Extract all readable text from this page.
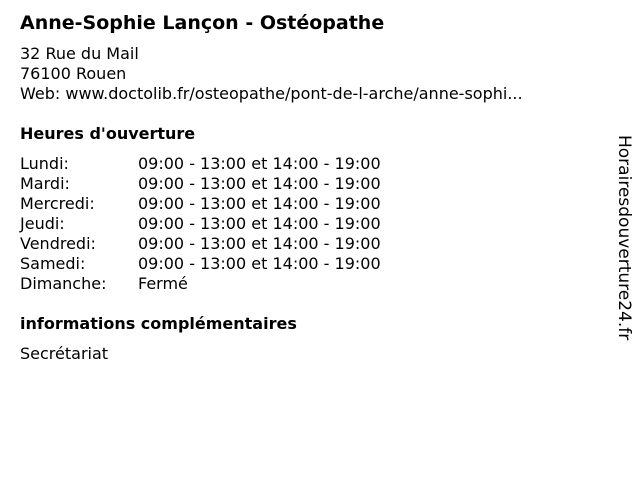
Anne-Sophie Lançon - Ostéopathe
32 Rue du Mail
76100 Rouen
Web: www.doctolib.fr/osteopathe/pont-de-l-arche/anne-sophi...
Heures d'ouverture
Lundi:	09:00 - 13:00 et 14:00 - 19:00
Mardi:	09:00 - 13:00 et 14:00 - 19:00
Mercredi:	09:00 - 13:00 et 14:00 - 19:00
Jeudi:	09:00 - 13:00 et 14:00 - 19:00
Vendredi:	09:00 - 13:00 et 14:00 - 19:00
Samedi:	09:00 - 13:00 et 14:00 - 19:00
Dimanche:	Fermé
informations complémentaires
Secrétariat
Horairesdouverture24.fr
